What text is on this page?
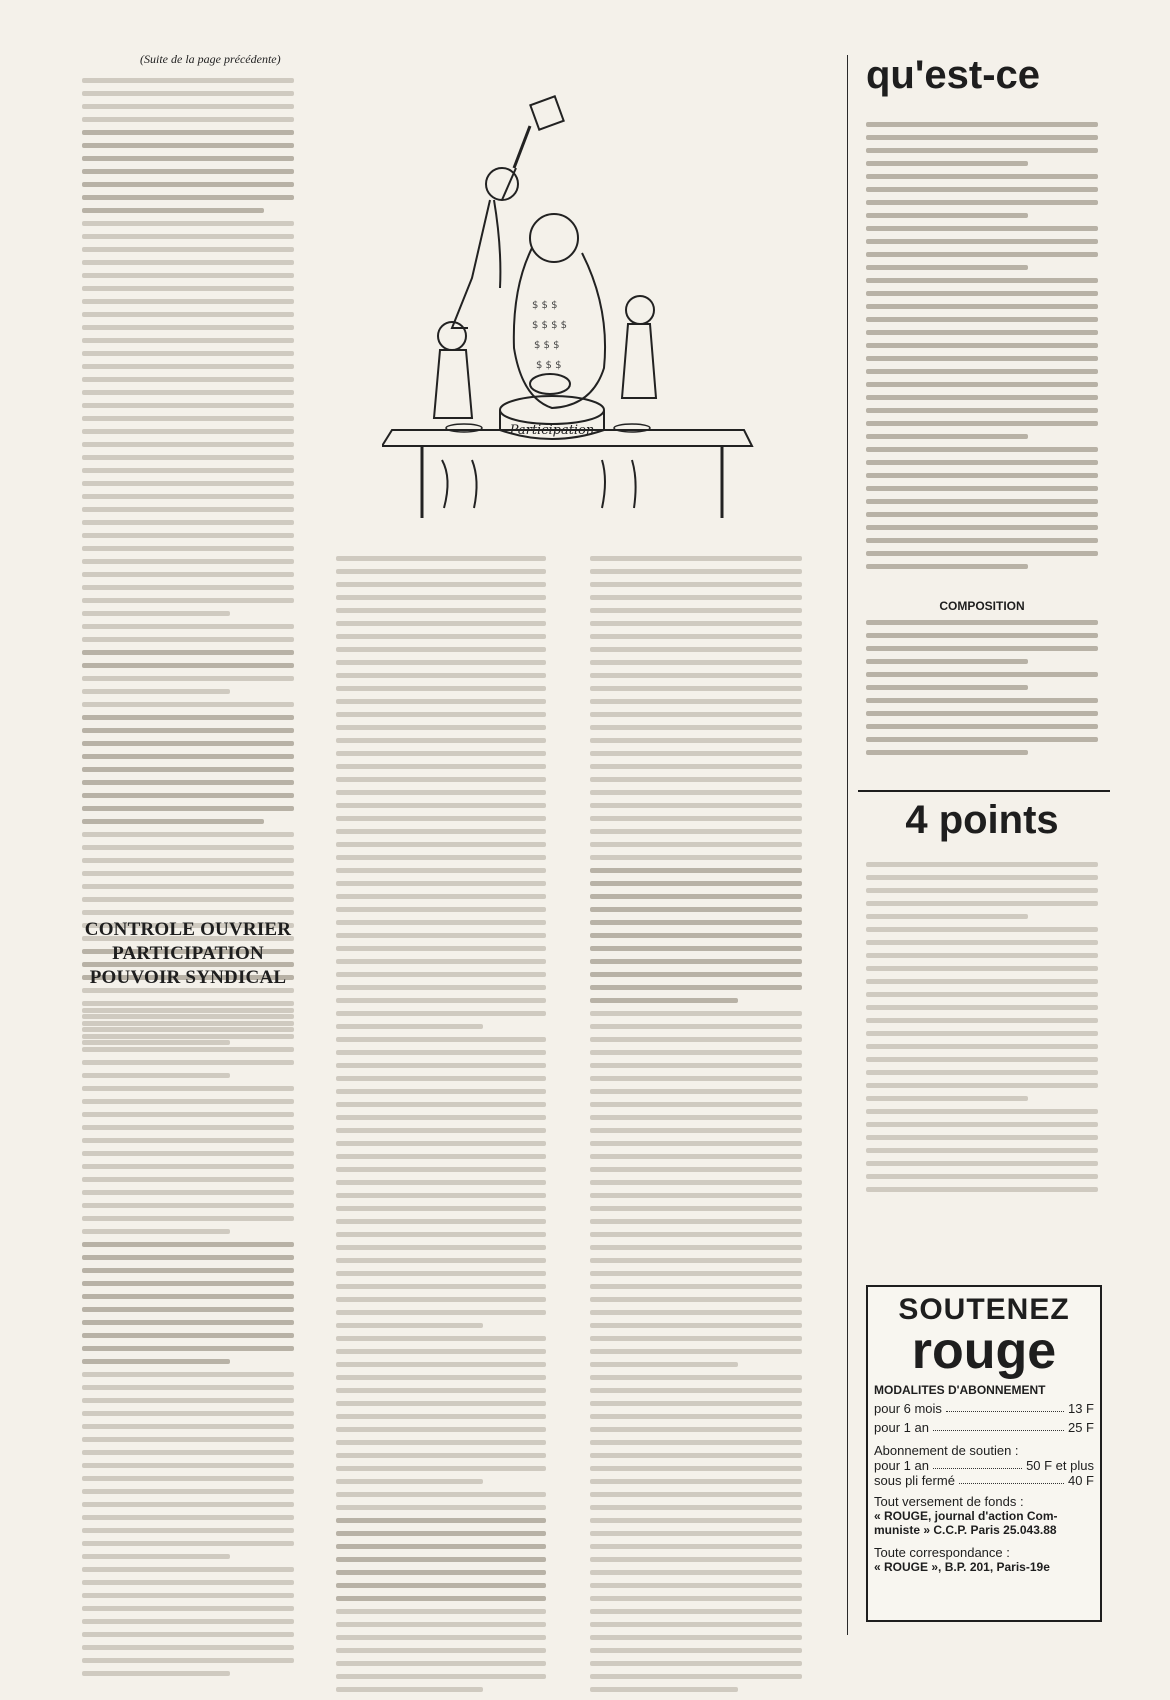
(Suite de la page précédente)
CONTROLE OUVRIER
PARTICIPATION
POUVOIR SYNDICAL
$ $ $
$ $ $ $
$ $ $
$ $ $
Participation
qu'est-ce
COMPOSITION
4 points
SOUTENEZ
rouge
MODALITES D'ABONNEMENT
pour 6 mois	13 F
pour 1 an	25 F
Abonnement de soutien :
pour 1 an	50 F et plus
sous pli fermé	40 F
Tout versement de fonds :
« ROUGE, journal d'action Com-
muniste » C.C.P. Paris 25.043.88
Toute correspondance :
« ROUGE », B.P. 201, Paris-19e
